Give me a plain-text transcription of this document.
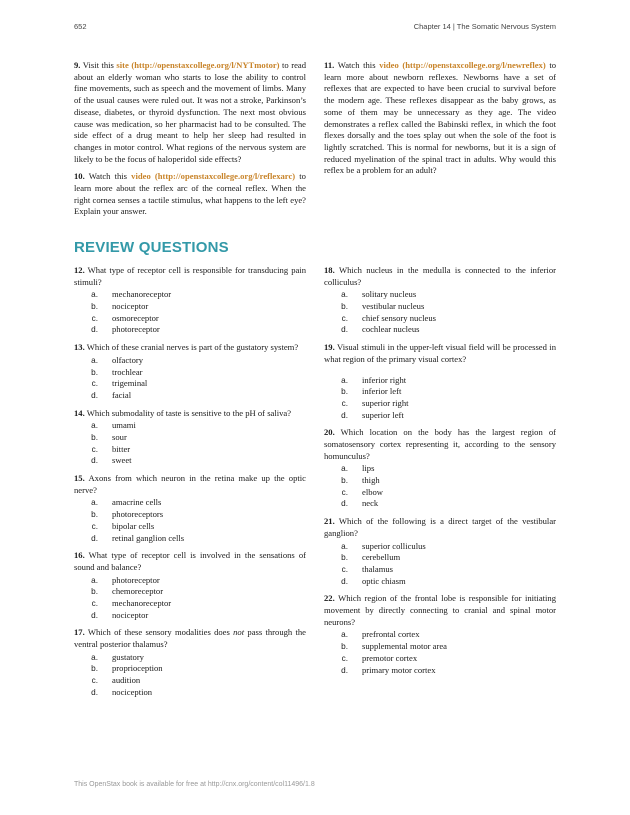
652	Chapter 14 | The Somatic Nervous System

9. Visit this site (http://openstaxcollege.org/l/NYTmotor) to read about an elderly woman who starts to lose the ability to control fine movements, such as speech and the movement of limbs. Many of the usual causes were ruled out. It was not a stroke, Parkinson’s disease, diabetes, or thyroid dysfunction. The next most obvious cause was medication, so her pharmacist had to be consulted. The side effect of a drug meant to help her sleep had resulted in changes in motor control. What regions of the nervous system are likely to be the focus of haloperidol side effects?

10. Watch this video (http://openstaxcollege.org/l/reflexarc) to learn more about the reflex arc of the corneal reflex. When the right cornea senses a tactile stimulus, what happens to the left eye? Explain your answer.

11. Watch this video (http://openstaxcollege.org/l/newreflex) to learn more about newborn reflexes. Newborns have a set of reflexes that are expected to have been crucial to survival before the modern age. These reflexes disappear as the baby grows, as some of them may be unnecessary as they age. The video demonstrates a reflex called the Babinski reflex, in which the foot flexes dorsally and the toes splay out when the sole of the foot is lightly scratched. This is normal for newborns, but it is a sign of reduced myelination of the spinal tract in adults. Why would this reflex be a problem for an adult?

REVIEW QUESTIONS
12. What type of receptor cell is responsible for transducing pain stimuli?
a.	mechanoreceptor
b.	nociceptor
c.	osmoreceptor
d.	photoreceptor
13. Which of these cranial nerves is part of the gustatory system?
a.	olfactory
b.	trochlear
c.	trigeminal
d.	facial
14. Which submodality of taste is sensitive to the pH of saliva?
a.	umami
b.	sour
c.	bitter
d.	sweet
15. Axons from which neuron in the retina make up the optic nerve?
a.	amacrine cells
b.	photoreceptors
c.	bipolar cells
d.	retinal ganglion cells
16. What type of receptor cell is involved in the sensations of sound and balance?
a.	photoreceptor
b.	chemoreceptor
c.	mechanoreceptor
d.	nociceptor
17. Which of these sensory modalities does not pass through the ventral posterior thalamus?
a.	gustatory
b.	proprioception
c.	audition
d.	nociception
18. Which nucleus in the medulla is connected to the inferior colliculus?
a.	solitary nucleus
b.	vestibular nucleus
c.	chief sensory nucleus
d.	cochlear nucleus
19. Visual stimuli in the upper-left visual field will be processed in what region of the primary visual cortex?
a.	inferior right
b.	inferior left
c.	superior right
d.	superior left
20. Which location on the body has the largest region of somatosensory cortex representing it, according to the sensory homunculus?
a.	lips
b.	thigh
c.	elbow
d.	neck
21. Which of the following is a direct target of the vestibular ganglion?
a.	superior colliculus
b.	cerebellum
c.	thalamus
d.	optic chiasm
22. Which region of the frontal lobe is responsible for initiating movement by directly connecting to cranial and spinal motor neurons?
a.	prefrontal cortex
b.	supplemental motor area
c.	premotor cortex
d.	primary motor cortex
This OpenStax book is available for free at http://cnx.org/content/col11496/1.8
